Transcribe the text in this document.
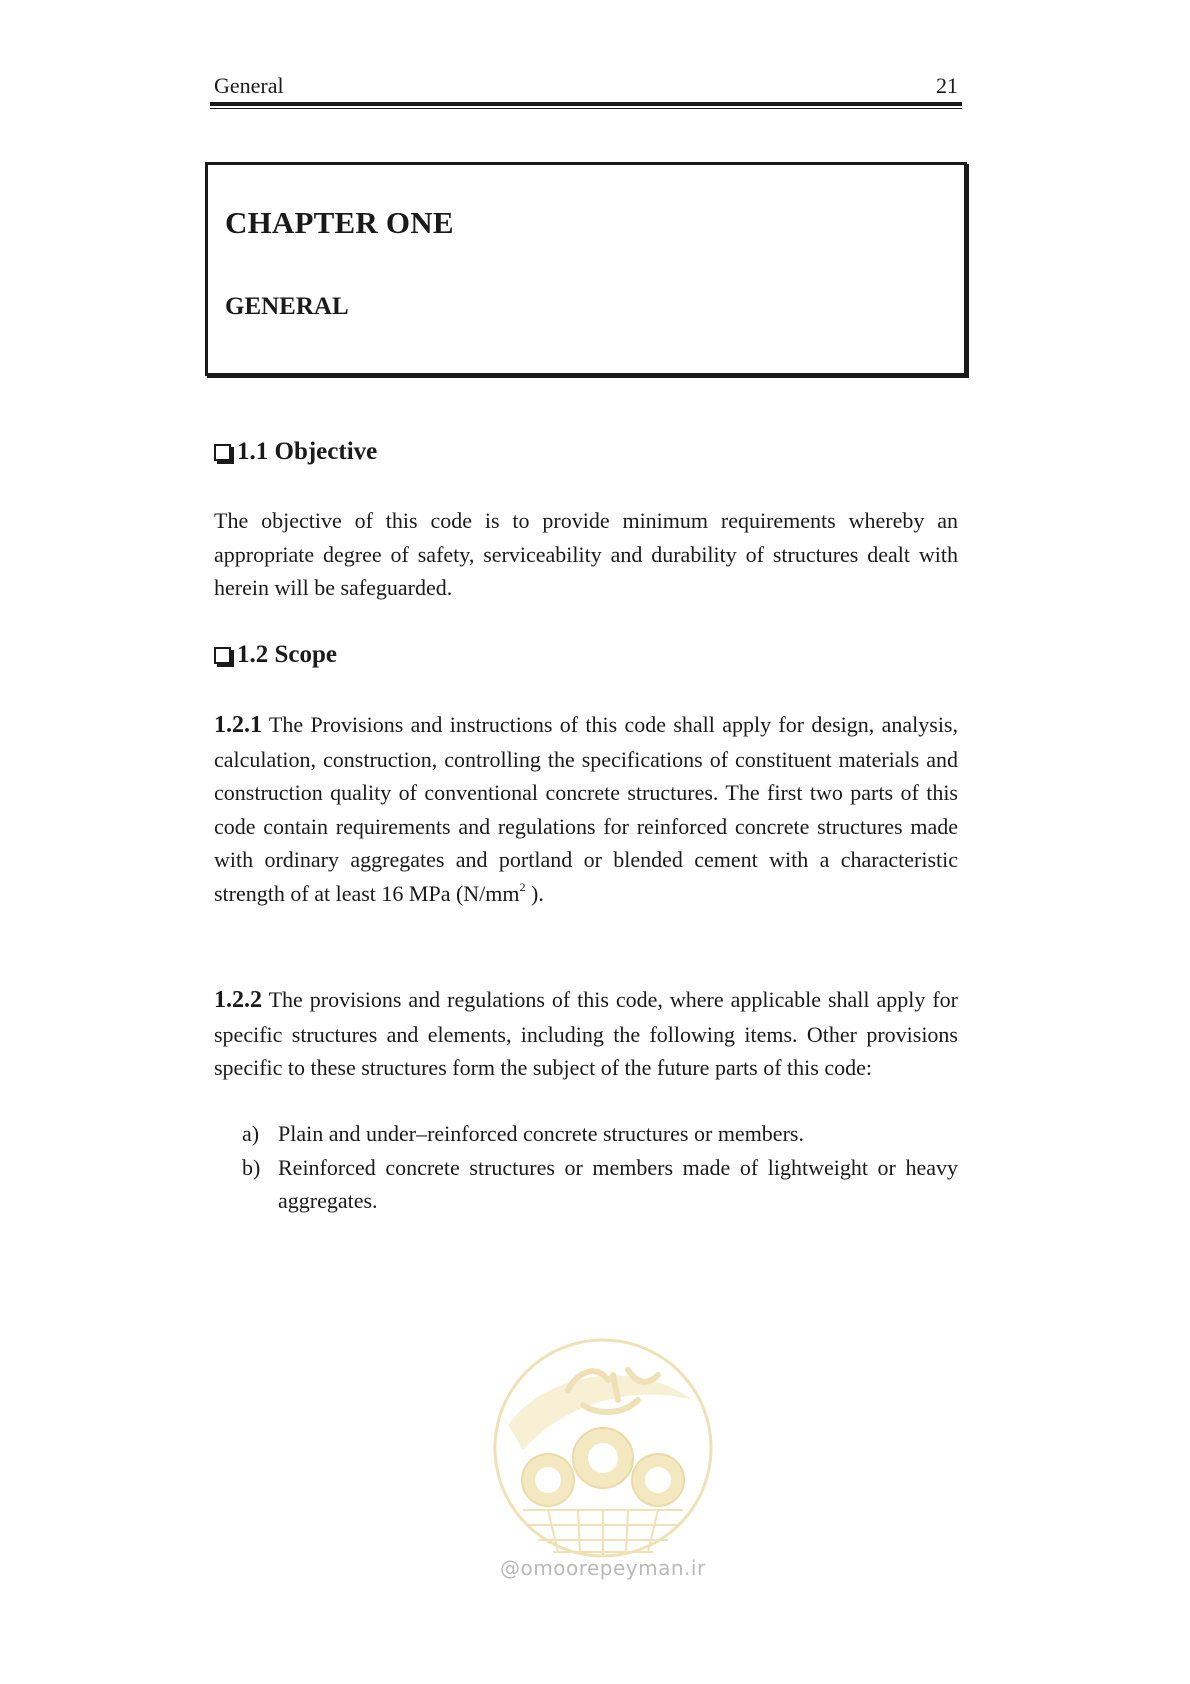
General	21
CHAPTER ONE
GENERAL
1.1 Objective
The objective of this code is to provide minimum requirements whereby an appropriate degree of safety, serviceability and durability of structures dealt with herein will be safeguarded.
1.2 Scope
1.2.1 The Provisions and instructions of this code shall apply for design, analysis, calculation, construction, controlling the specifications of constituent materials and construction quality of conventional concrete structures. The first two parts of this code contain requirements and regulations for reinforced concrete structures made with ordinary aggregates and portland or blended cement with a characteristic strength of at least 16 MPa ($N/mm^2$ ).
1.2.2 The provisions and regulations of this code, where applicable shall apply for specific structures and elements, including the following items. Other provisions specific to these structures form the subject of the future parts of this code:
a) Plain and under–reinforced concrete structures or members.
b) Reinforced concrete structures or members made of lightweight or heavy aggregates.
@omoorepeyman.ir
